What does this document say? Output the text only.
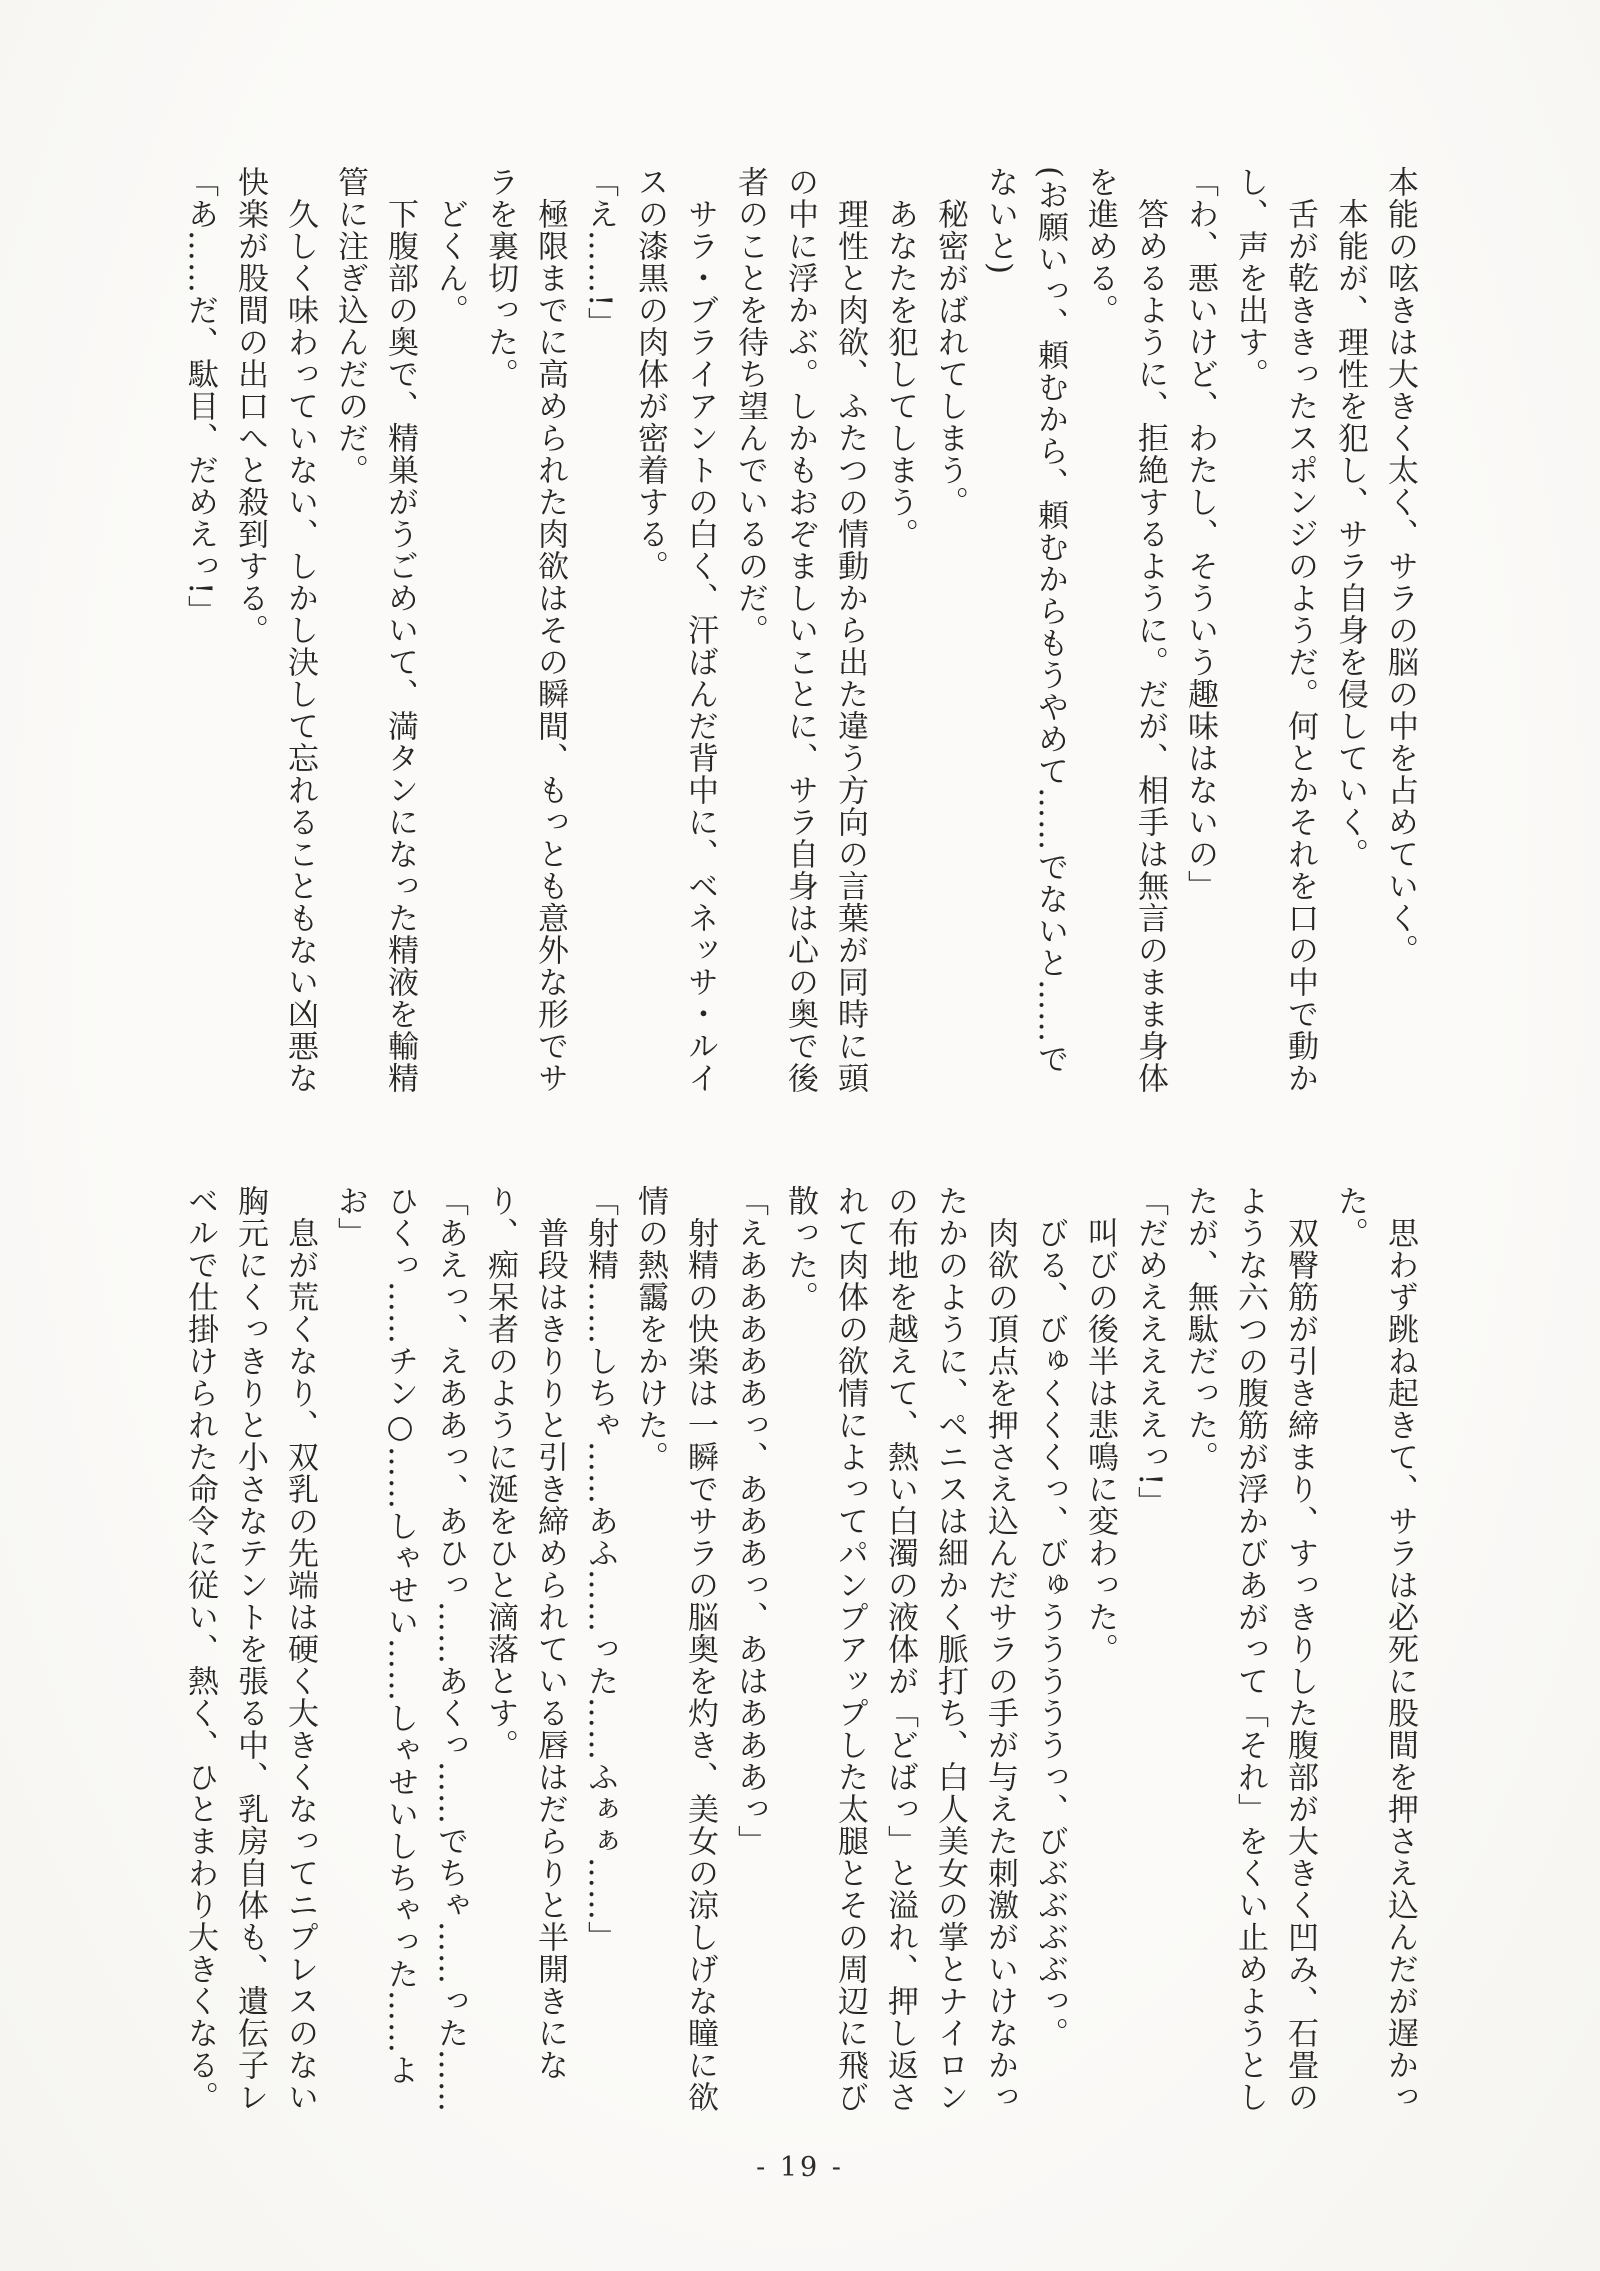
本能の呟きは大きく太く、サラの脳の中を占めていく。
本能が、理性を犯し、サラ自身を侵していく。
舌が乾ききったスポンジのようだ。何とかそれを口の中で動か
し、声を出す。
「わ、悪いけど、わたし、そういう趣味はないの」
答めるように、拒絶するように。だが、相手は無言のまま身体
を進める。
(お願いっ、頼むから、頼むからもうやめて……でないと……で
ないと)
秘密がばれてしまう。
あなたを犯してしまう。
理性と肉欲、ふたつの情動から出た違う方向の言葉が同時に頭
の中に浮かぶ。しかもおぞましいことに、サラ自身は心の奥で後
者のことを待ち望んでいるのだ。
サラ・ブライアントの白く、汗ばんだ背中に、ベネッサ・ルイ
スの漆黒の肉体が密着する。
「え……!」
極限までに高められた肉欲はその瞬間、もっとも意外な形でサ
ラを裏切った。
どくん。
下腹部の奥で、精巣がうごめいて、満タンになった精液を輸精
管に注ぎ込んだのだ。
久しく味わっていない、しかし決して忘れることもない凶悪な
快楽が股間の出口へと殺到する。
「あ……だ、駄目、だめえっ!」
思わず跳ね起きて、サラは必死に股間を押さえ込んだが遅かっ
た。
双臀筋が引き締まり、すっきりした腹部が大きく凹み、石畳の
ような六つの腹筋が浮かびあがって「それ」をくい止めようとし
たが、無駄だった。
「だめえええええっ!」
叫びの後半は悲鳴に変わった。
びる、びゅくくくっ、びゅうううううっ、びぶぶぶぶっ。
肉欲の頂点を押さえ込んだサラの手が与えた刺激がいけなかっ
たかのように、ペニスは細かく脈打ち、白人美女の掌とナイロン
の布地を越えて、熱い白濁の液体が「どばっ」と溢れ、押し返さ
れて肉体の欲情によってパンプアップした太腿とその周辺に飛び
散った。
「えあああああっ、あああっ、あはあああっ」
射精の快楽は一瞬でサラの脳奥を灼き、美女の涼しげな瞳に欲
情の熱靄をかけた。
「射精……しちゃ……あふ……った……ふぁぁ……」
普段はきりりと引き締められている唇はだらりと半開きにな
り、痴呆者のように涎をひと滴落とす。
「あえっ、えああっ、あひっ……あくっ……でちゃ……った……
ひくっ……チン○……しゃせい……しゃせいしちゃった……よ
お」
息が荒くなり、双乳の先端は硬く大きくなってニプレスのない
胸元にくっきりと小さなテントを張る中、乳房自体も、遺伝子レ
ベルで仕掛けられた命令に従い、熱く、ひとまわり大きくなる。
- 19 -
